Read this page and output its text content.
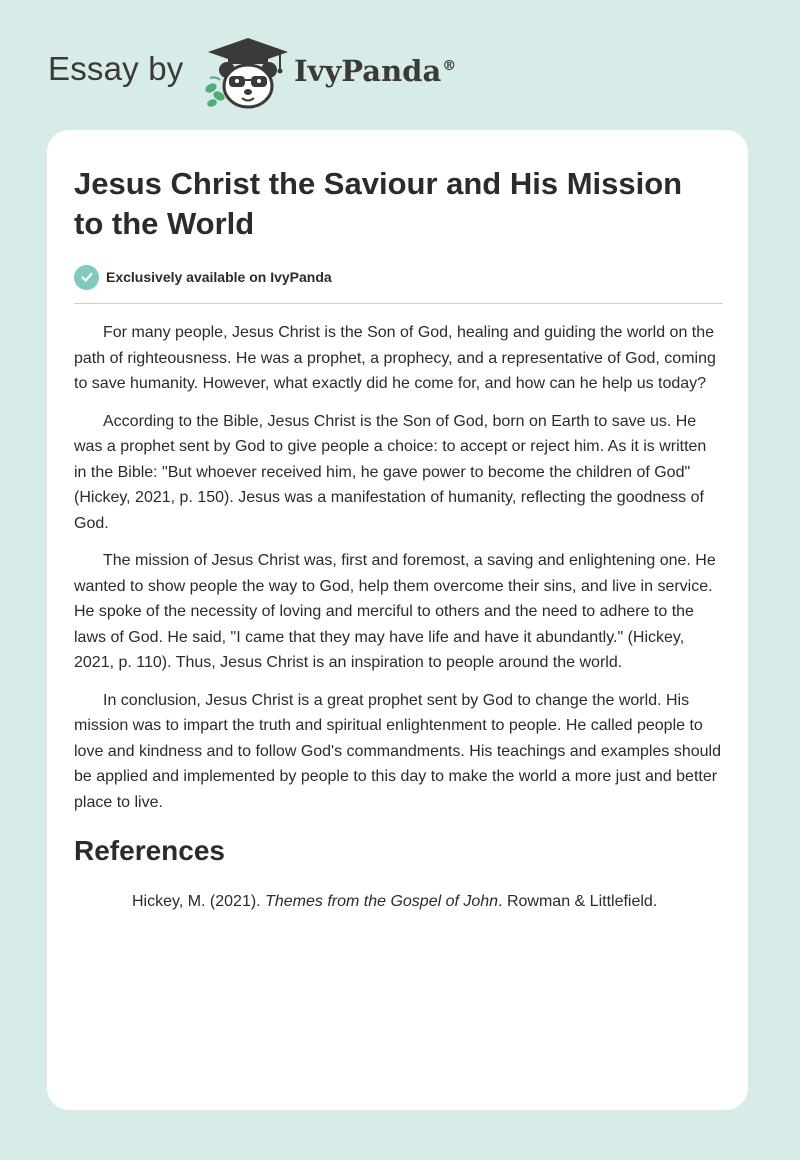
Essay by	IvyPanda®
Jesus Christ the Saviour and His Mission to the World
Exclusively available on IvyPanda

For many people, Jesus Christ is the Son of God, healing and guiding the world on the path of righteousness. He was a prophet, a prophecy, and a representative of God, coming to save humanity. However, what exactly did he come for, and how can he help us today?

According to the Bible, Jesus Christ is the Son of God, born on Earth to save us. He was a prophet sent by God to give people a choice: to accept or reject him. As it is written in the Bible: "But whoever received him, he gave power to become the children of God" (Hickey, 2021, p. 150). Jesus was a manifestation of humanity, reflecting the goodness of God.

The mission of Jesus Christ was, first and foremost, a saving and enlightening one. He wanted to show people the way to God, help them overcome their sins, and live in service. He spoke of the necessity of loving and merciful to others and the need to adhere to the laws of God. He said, "I came that they may have life and have it abundantly." (Hickey, 2021, p. 110). Thus, Jesus Christ is an inspiration to people around the world.

In conclusion, Jesus Christ is a great prophet sent by God to change the world. His mission was to impart the truth and spiritual enlightenment to people. He called people to love and kindness and to follow God's commandments. His teachings and examples should be applied and implemented by people to this day to make the world a more just and better place to live.

References

Hickey, M. (2021). Themes from the Gospel of John. Rowman & Littlefield.
